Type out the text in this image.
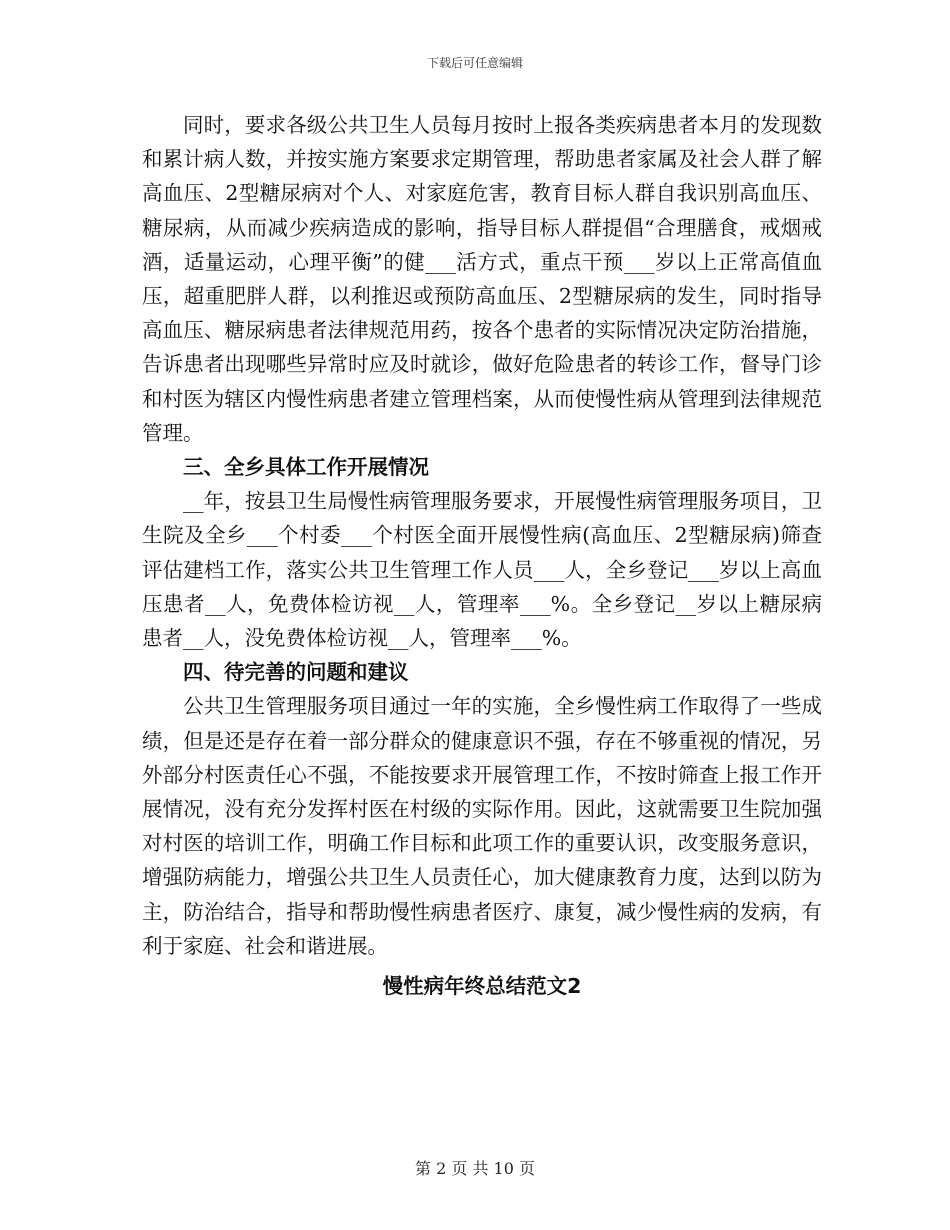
下载后可任意编辑

同时，要求各级公共卫生人员每月按时上报各类疾病患者本月的发现数和累计病人数，并按实施方案要求定期管理，帮助患者家属及社会人群了解高血压、2型糖尿病对个人、对家庭危害，教育目标人群自我识别高血压、糖尿病，从而减少疾病造成的影响，指导目标人群提倡“合理膳食，戒烟戒酒，适量运动，心理平衡”的健___活方式，重点干预___岁以上正常高值血压，超重肥胖人群，以利推迟或预防高血压、2型糖尿病的发生，同时指导高血压、糖尿病患者法律规范用药，按各个患者的实际情况决定防治措施，告诉患者出现哪些异常时应及时就诊，做好危险患者的转诊工作，督导门诊和村医为辖区内慢性病患者建立管理档案，从而使慢性病从管理到法律规范管理。

三、全乡具体工作开展情况

__年，按县卫生局慢性病管理服务要求，开展慢性病管理服务项目，卫生院及全乡___个村委___个村医全面开展慢性病(高血压、2型糖尿病)筛查评估建档工作，落实公共卫生管理工作人员___人，全乡登记___岁以上高血压患者__人，免费体检访视__人，管理率___%。全乡登记__岁以上糖尿病患者__人，没免费体检访视__人，管理率___%。

四、待完善的问题和建议

公共卫生管理服务项目通过一年的实施，全乡慢性病工作取得了一些成绩，但是还是存在着一部分群众的健康意识不强，存在不够重视的情况，另外部分村医责任心不强，不能按要求开展管理工作，不按时筛查上报工作开展情况，没有充分发挥村医在村级的实际作用。因此，这就需要卫生院加强对村医的培训工作，明确工作目标和此项工作的重要认识，改变服务意识，增强防病能力，增强公共卫生人员责任心，加大健康教育力度，达到以防为主，防治结合，指导和帮助慢性病患者医疗、康复，减少慢性病的发病，有利于家庭、社会和谐进展。

慢性病年终总结范文2

第 2 页 共 10 页
